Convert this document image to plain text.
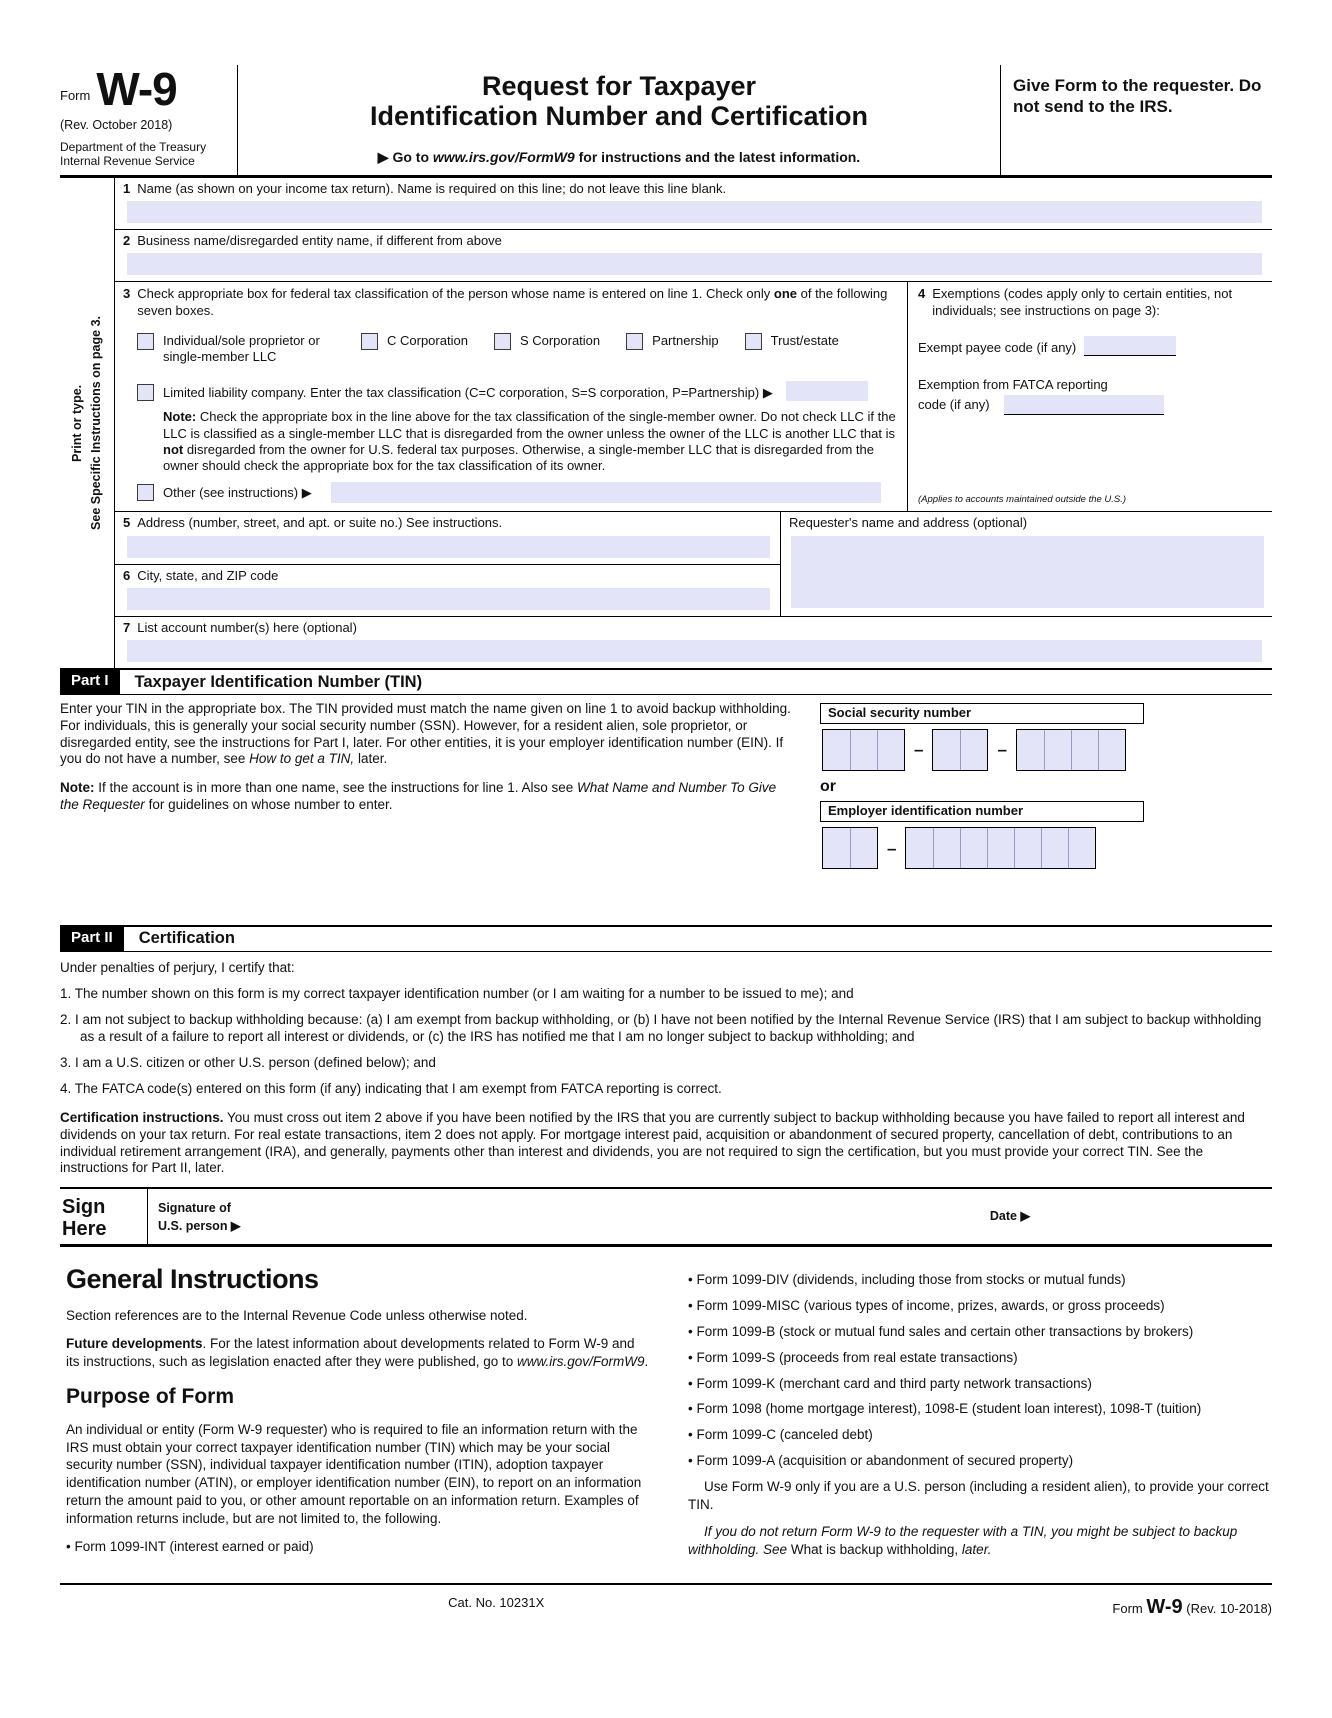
Form W-9
(Rev. October 2018)
Department of the Treasury
Internal Revenue Service
Request for Taxpayer
Identification Number and Certification
▶ Go to www.irs.gov/FormW9 for instructions and the latest information.
Give Form to the requester. Do not send to the IRS.
Print or type. See Specific Instructions on page 3.
1 Name (as shown on your income tax return). Name is required on this line; do not leave this line blank.
2 Business name/disregarded entity name, if different from above
3 Check appropriate box for federal tax classification of the person whose name is entered on line 1. Check only one of the following seven boxes.
Individual/sole proprietor or single-member LLC
C Corporation	S Corporation	Partnership	Trust/estate
Limited liability company. Enter the tax classification (C=C corporation, S=S corporation, P=Partnership) ▶
Note: Check the appropriate box in the line above for the tax classification of the single-member owner. Do not check LLC if the LLC is classified as a single-member LLC that is disregarded from the owner unless the owner of the LLC is another LLC that is not disregarded from the owner for U.S. federal tax purposes. Otherwise, a single-member LLC that is disregarded from the owner should check the appropriate box for the tax classification of its owner.
Other (see instructions) ▶
4 Exemptions (codes apply only to certain entities, not individuals; see instructions on page 3):
Exempt payee code (if any)
Exemption from FATCA reporting
code (if any)
(Applies to accounts maintained outside the U.S.)
5 Address (number, street, and apt. or suite no.) See instructions.
6 City, state, and ZIP code
Requester's name and address (optional)
7 List account number(s) here (optional)
Part I	Taxpayer Identification Number (TIN)

Enter your TIN in the appropriate box. The TIN provided must match the name given on line 1 to avoid backup withholding. For individuals, this is generally your social security number (SSN). However, for a resident alien, sole proprietor, or disregarded entity, see the instructions for Part I, later. For other entities, it is your employer identification number (EIN). If you do not have a number, see How to get a TIN, later.

Note: If the account is in more than one name, see the instructions for line 1. Also see What Name and Number To Give the Requester for guidelines on whose number to enter.

Social security number
–	–
or
Employer identification number
–
Part II	Certification
Under penalties of perjury, I certify that:
1. The number shown on this form is my correct taxpayer identification number (or I am waiting for a number to be issued to me); and
2. I am not subject to backup withholding because: (a) I am exempt from backup withholding, or (b) I have not been notified by the Internal Revenue Service (IRS) that I am subject to backup withholding as a result of a failure to report all interest or dividends, or (c) the IRS has notified me that I am no longer subject to backup withholding; and
3. I am a U.S. citizen or other U.S. person (defined below); and
4. The FATCA code(s) entered on this form (if any) indicating that I am exempt from FATCA reporting is correct.
Certification instructions. You must cross out item 2 above if you have been notified by the IRS that you are currently subject to backup withholding because you have failed to report all interest and dividends on your tax return. For real estate transactions, item 2 does not apply. For mortgage interest paid, acquisition or abandonment of secured property, cancellation of debt, contributions to an individual retirement arrangement (IRA), and generally, payments other than interest and dividends, you are not required to sign the certification, but you must provide your correct TIN. See the instructions for Part II, later.
Sign
Here
Signature of
U.S. person ▶
Date ▶
General Instructions

Section references are to the Internal Revenue Code unless otherwise noted.

Future developments. For the latest information about developments related to Form W-9 and its instructions, such as legislation enacted after they were published, go to www.irs.gov/FormW9.

Purpose of Form

An individual or entity (Form W-9 requester) who is required to file an information return with the IRS must obtain your correct taxpayer identification number (TIN) which may be your social security number (SSN), individual taxpayer identification number (ITIN), adoption taxpayer identification number (ATIN), or employer identification number (EIN), to report on an information return the amount paid to you, or other amount reportable on an information return. Examples of information returns include, but are not limited to, the following.

• Form 1099-INT (interest earned or paid)
• Form 1099-DIV (dividends, including those from stocks or mutual funds)
• Form 1099-MISC (various types of income, prizes, awards, or gross proceeds)
• Form 1099-B (stock or mutual fund sales and certain other transactions by brokers)
• Form 1099-S (proceeds from real estate transactions)
• Form 1099-K (merchant card and third party network transactions)
• Form 1098 (home mortgage interest), 1098-E (student loan interest), 1098-T (tuition)
• Form 1099-C (canceled debt)
• Form 1099-A (acquisition or abandonment of secured property)

Use Form W-9 only if you are a U.S. person (including a resident alien), to provide your correct TIN.

If you do not return Form W-9 to the requester with a TIN, you might be subject to backup withholding. See What is backup withholding, later.

Cat. No. 10231X	Form W-9 (Rev. 10-2018)
